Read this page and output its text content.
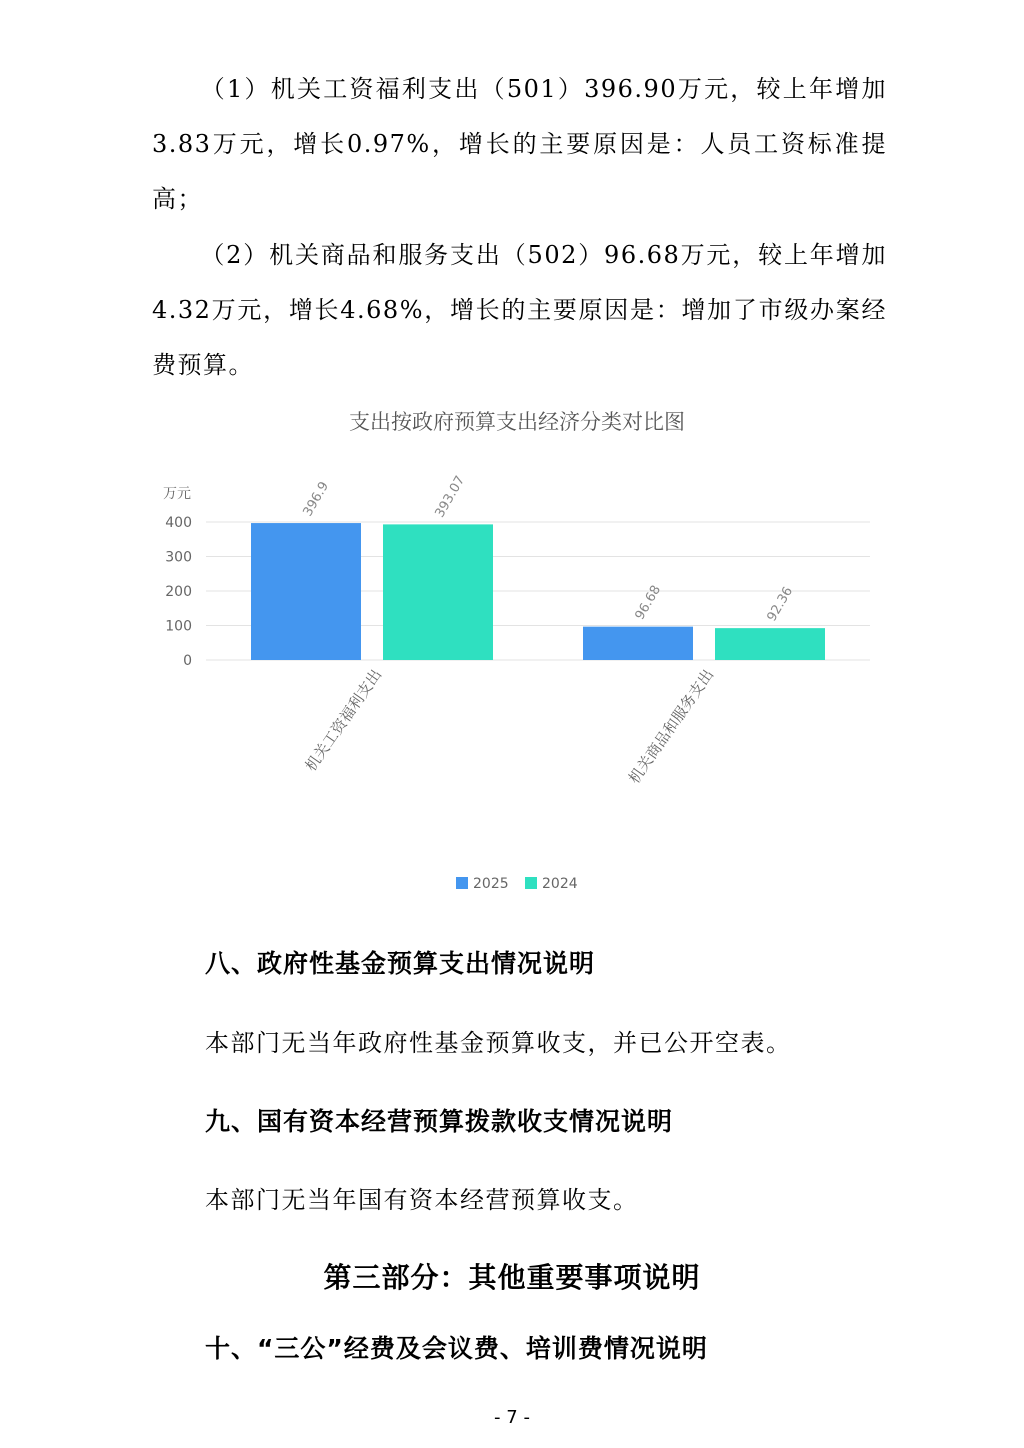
（1）机关工资福利支出（501）396.90万元，较上年增加3.83万元，增长0.97%，增长的主要原因是：人员工资标准提高；

（2）机关商品和服务支出（502）96.68万元，较上年增加4.32万元，增长4.68%，增长的主要原因是：增加了市级办案经费预算。

支出按政府预算支出经济分类对比图
万元
0
100
200
300
400
396.9	393.07
96.68	92.36
机关工资福利支出	机关商品和服务支出
2025 2024
八、政府性基金预算支出情况说明

本部门无当年政府性基金预算收支，并已公开空表。

九、国有资本经营预算拨款收支情况说明

本部门无当年国有资本经营预算收支。

第三部分：其他重要事项说明
十、“三公”经费及会议费、培训费情况说明
- 7 -
